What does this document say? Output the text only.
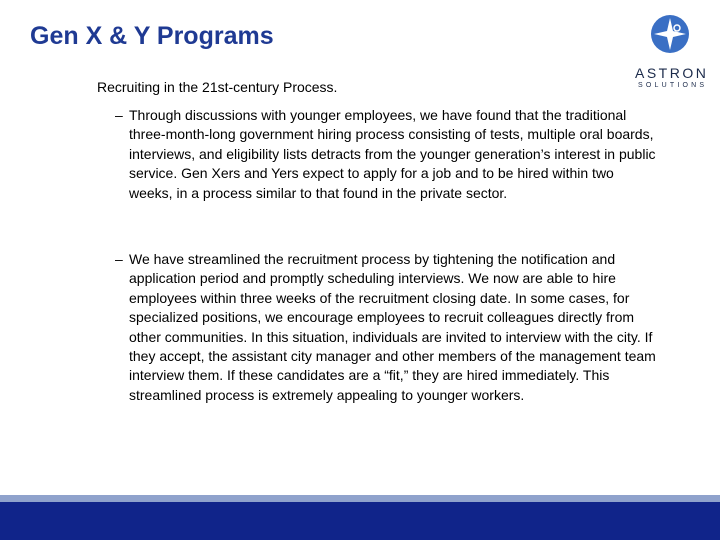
Gen X & Y Programs
ASTRON
SOLUTIONS

Recruiting in the 21st-century Process.

– Through discussions with younger employees, we have found that the traditional three-month-long government hiring process consisting of tests, multiple oral boards, interviews, and eligibility lists detracts from the younger generation’s interest in public service. Gen Xers and Yers expect to apply for a job and to be hired within two weeks, in a process similar to that found in the private sector.
– We have streamlined the recruitment process by tightening the notification and application period and promptly scheduling interviews. We now are able to hire employees within three weeks of the recruitment closing date. In some cases, for specialized positions, we encourage employees to recruit colleagues directly from other communities. In this situation, individuals are invited to interview with the city. If they accept, the assistant city manager and other members of the management team interview them. If these candidates are a “fit,” they are hired immediately. This streamlined process is extremely appealing to younger workers.
